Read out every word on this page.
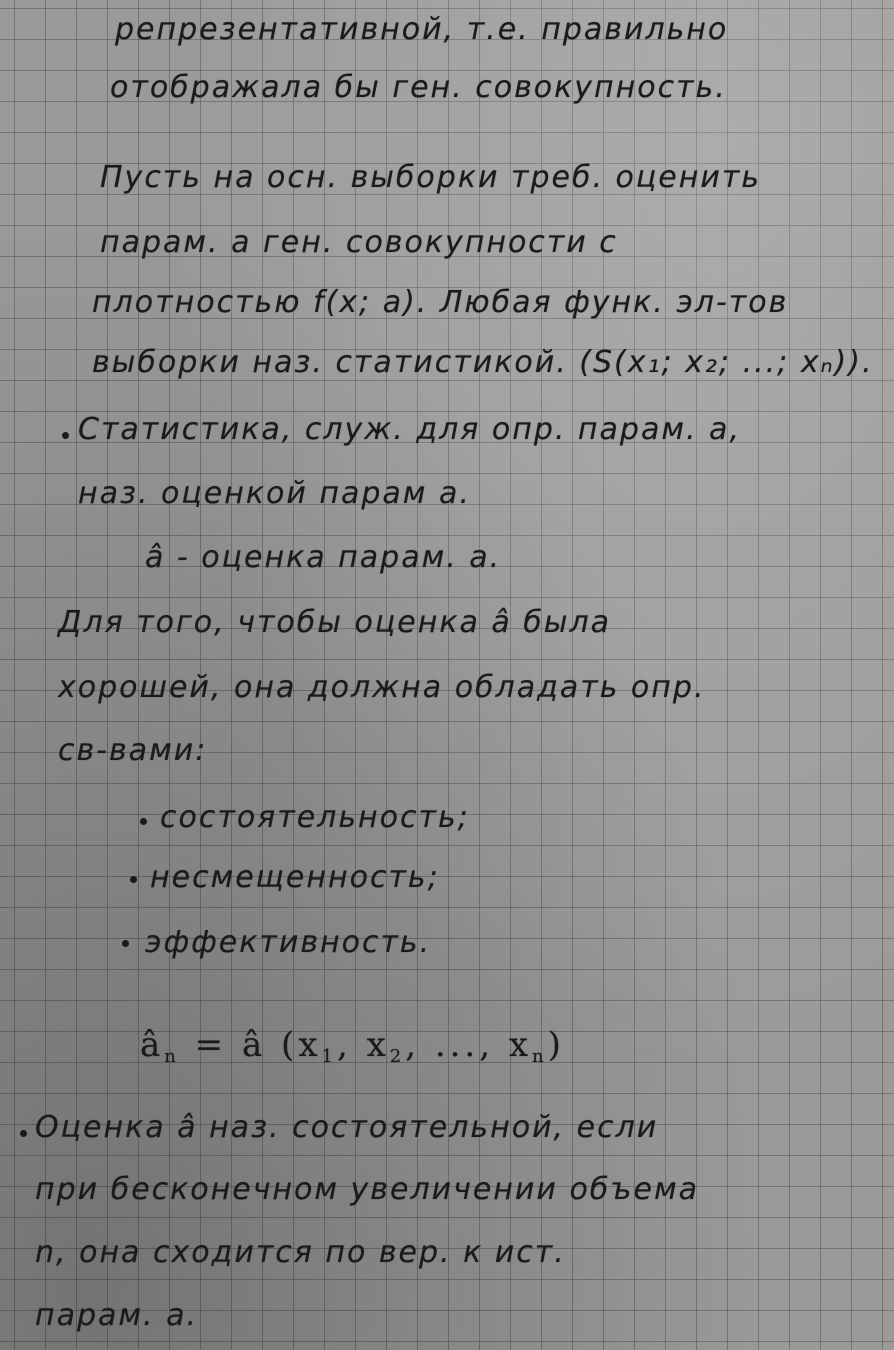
репрезентативной, т.е. правильно
отображала бы ген. совокупность.
Пусть на осн. выборки треб. оценить
парам. a ген. совокупности с
плотностью f(x; a). Любая функ. эл-тов
выборки наз. статистикой. (S(x₁; x₂; ...; xₙ)).
Статистика, служ. для опр. парам. a,
наз. оценкой парам a.
â - оценка парам. a.
Для того, чтобы оценка â была
хорошей, она должна обладать опр.
св-вами:
состоятельность;
несмещенность;
эффективность.
$â_n$ = â ($x_1$, $x_2$, ..., $x_n$)
Оценка â наз. состоятельной, если
при бесконечном увеличении объема
n, она сходится по вер. к ист.
парам. a.
